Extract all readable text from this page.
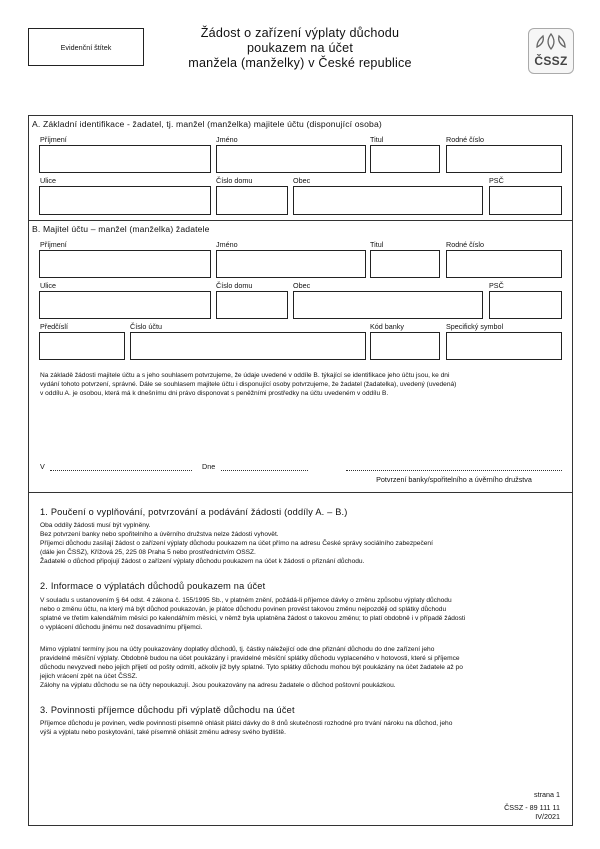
Evidenční štítek
Žádost o zařízení výplaty důchodu
poukazem na účet
manžela (manželky) v České republice	ČSSZ
A. Základní identifikace - žadatel, tj. manžel (manželka) majitele účtu (disponující osoba)
Příjmení	Jméno	Titul	Rodné číslo
Ulice	Číslo domu	Obec	PSČ
B. Majitel účtu – manžel (manželka) žadatele
Příjmení	Jméno	Titul	Rodné číslo
Ulice	Číslo domu	Obec	PSČ
Předčíslí	Číslo účtu	Kód banky	Specifický symbol
Na základě žádosti majitele účtu a s jeho souhlasem potvrzujeme, že údaje uvedené v oddíle B. týkající se identifikace jeho účtu jsou, ke dni
vydání tohoto potvrzení, správné. Dále se souhlasem majitele účtu i disponující osoby potvrzujeme, že žadatel (žadatelka), uvedený (uvedená)
v oddílu A. je osobou, která má k dnešnímu dni právo disponovat s peněžními prostředky na účtu uvedeném v oddílu B.
V	Dne
Potvrzení banky/spořitelního a úvěrního družstva
1. Poučení o vyplňování, potvrzování a podávání žádosti (oddíly A. – B.)
Oba oddíly žádosti musí být vyplněny.
Bez potvrzení banky nebo spořitelního a úvěrního družstva nelze žádosti vyhovět.
Příjemci důchodu zasílají žádost o zařízení výplaty důchodu poukazem na účet přímo na adresu České správy sociálního zabezpečení
(dále jen ČSSZ), Křížová 25, 225 08 Praha 5 nebo prostřednictvím OSSZ.
Žadatelé o důchod připojují žádost o zařízení výplaty důchodu poukazem na účet k žádosti o přiznání důchodu.
2. Informace o výplatách důchodů poukazem na účet
V souladu s ustanovením § 64 odst. 4 zákona č. 155/1995 Sb., v platném znění, požádá-li příjemce dávky o změnu způsobu výplaty důchodu
nebo o změnu účtu, na který má být důchod poukazován, je plátce důchodu povinen provést takovou změnu nejpozději od splátky důchodu
splatné ve třetím kalendářním měsíci po kalendářním měsíci, v němž byla uplatněna žádost o takovou změnu; to platí obdobně i v případě žádosti
o vyplácení důchodu jinému než dosavadnímu příjemci.
Mimo výplatní termíny jsou na účty poukazovány doplatky důchodů, tj. částky náležející ode dne přiznání důchodu do dne zařízení jeho
pravidelné měsíční výplaty. Obdobně budou na účet poukázány i pravidelné měsíční splátky důchodu vyplaceného v hotovosti, které si příjemce
důchodu nevyzvedl nebo jejich přijetí od pošty odmítl, ačkoliv již byly splatné. Tyto splátky důchodu mohou být poukázány na účet žadatele až po
jejich vrácení zpět na účet ČSSZ.
Zálohy na výplatu důchodu se na účty nepoukazují. Jsou poukazovány na adresu žadatele o důchod poštovní poukázkou.
3. Povinnosti příjemce důchodu při výplatě důchodu na účet
Příjemce důchodu je povinen, vedle povinnosti písemně ohlásit plátci dávky do 8 dnů skutečnosti rozhodné pro trvání nároku na důchod, jeho
výši a výplatu nebo poskytování, také písemně ohlásit změnu adresy svého bydliště.
strana 1
ČSSZ - 89 111 11
IV/2021
